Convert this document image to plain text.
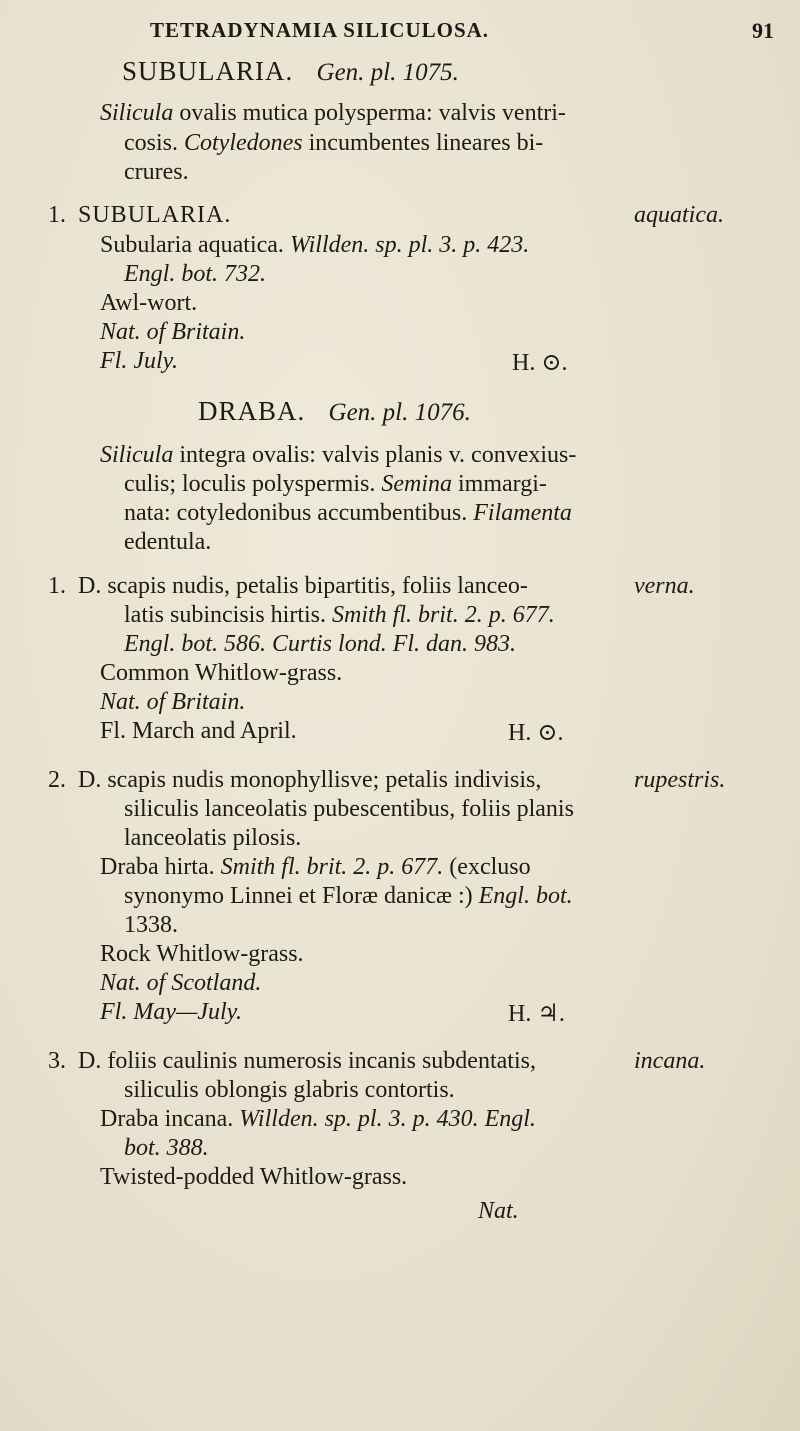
TETRADYNAMIA SILICULOSA.	91
SUBULARIA. Gen. pl. 1075.
Silicula ovalis mutica polysperma: valvis ventri-
cosis. Cotyledones incumbentes lineares bi-
crures.
1. SUBULARIA.	aquatica.
Subularia aquatica. Willden. sp. pl. 3. p. 423.
Engl. bot. 732.
Awl-wort.
Nat. of Britain.
Fl. July.	H. ⊙.
DRABA. Gen. pl. 1076.
Silicula integra ovalis: valvis planis v. convexius-
culis; loculis polyspermis. Semina immargi-
nata: cotyledonibus accumbentibus. Filamenta
edentula.
1. D. scapis nudis, petalis bipartitis, foliis lanceo-	verna.
latis subincisis hirtis. Smith fl. brit. 2. p. 677.
Engl. bot. 586. Curtis lond. Fl. dan. 983.
Common Whitlow-grass.
Nat. of Britain.
Fl. March and April.	H. ⊙.
2. D. scapis nudis monophyllisve; petalis indivisis,	rupestris.
siliculis lanceolatis pubescentibus, foliis planis
lanceolatis pilosis.
Draba hirta. Smith fl. brit. 2. p. 677. (excluso
synonymo Linnei et Floræ danicæ :) Engl. bot.
1338.
Rock Whitlow-grass.
Nat. of Scotland.
Fl. May—July.	H. ♃.
3. D. foliis caulinis numerosis incanis subdentatis,	incana.
siliculis oblongis glabris contortis.
Draba incana. Willden. sp. pl. 3. p. 430. Engl.
bot. 388.
Twisted-podded Whitlow-grass.
Nat.
